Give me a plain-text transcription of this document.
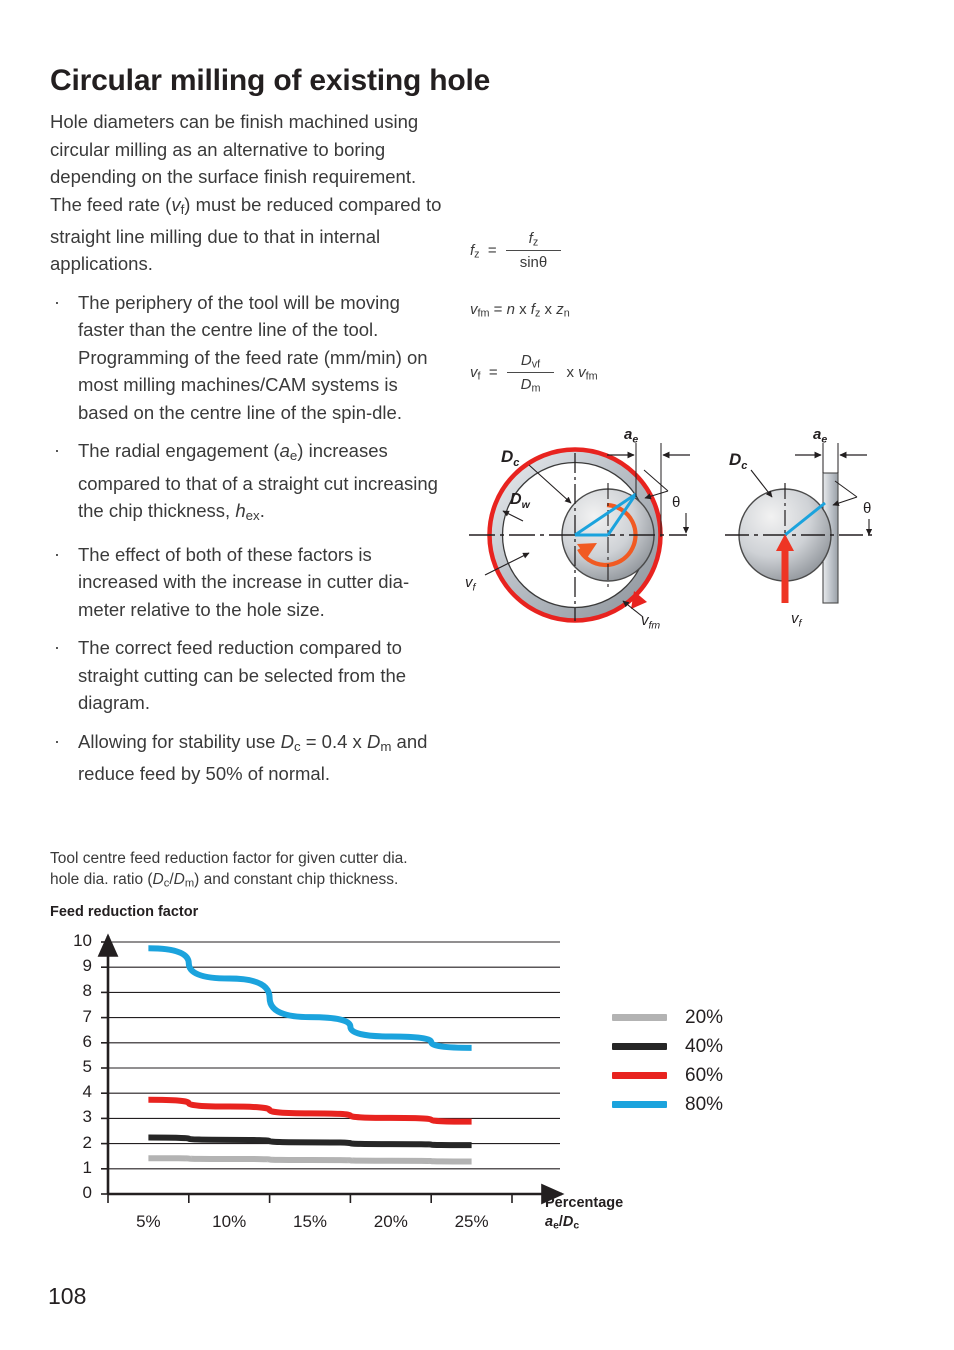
Circular milling of existing hole

Hole diameters can be finish machined using circular milling as an alternative to boring depending on the surface finish requirement. The feed rate $(v_f)$ must be reduced compared to straight line milling due to that in internal applications.

· The periphery of the tool will be moving faster than the centre line of the tool. Programming of the feed rate (mm/min) on most milling machines/CAM systems is based on the centre line of the spin​-dle.
· The radial engagement $(a_e)$ increases compared to that of a straight cut increasing the chip thickness, $h_{ex}$.
· The effect of both of these factors is increased with the increase in cutter dia- meter relative to the hole size.
· The correct feed reduction compared to straight cutting can be selected from the diagram.
· Allowing for stability use $D_c = 0.4$ x $D_m$ and reduce feed by 50% of normal.
$f_z = \frac{f_z}{\sin\theta}$
$v_{fm} = n$ x $f_z$ x $z_n$
$v_f = \frac{D_{vf}}{D_m}$ x $v_{fm}$
$a_e$
θ
$D_c$
$D_w$
$v_f$
$v_{fm}$	$v_f$
$a_e$
θ
$D_c$
Tool centre feed reduction factor for given cutter dia.
hole dia. ratio $(D_c/D_m)$ and constant chip thickness.
Feed reduction factor
0
1
2
3
4
5
6
7
8
9
10
5%	10%	15%	20%	25%
Percentage
$a_e/D_c$
20%
40%
60%
80%
108
